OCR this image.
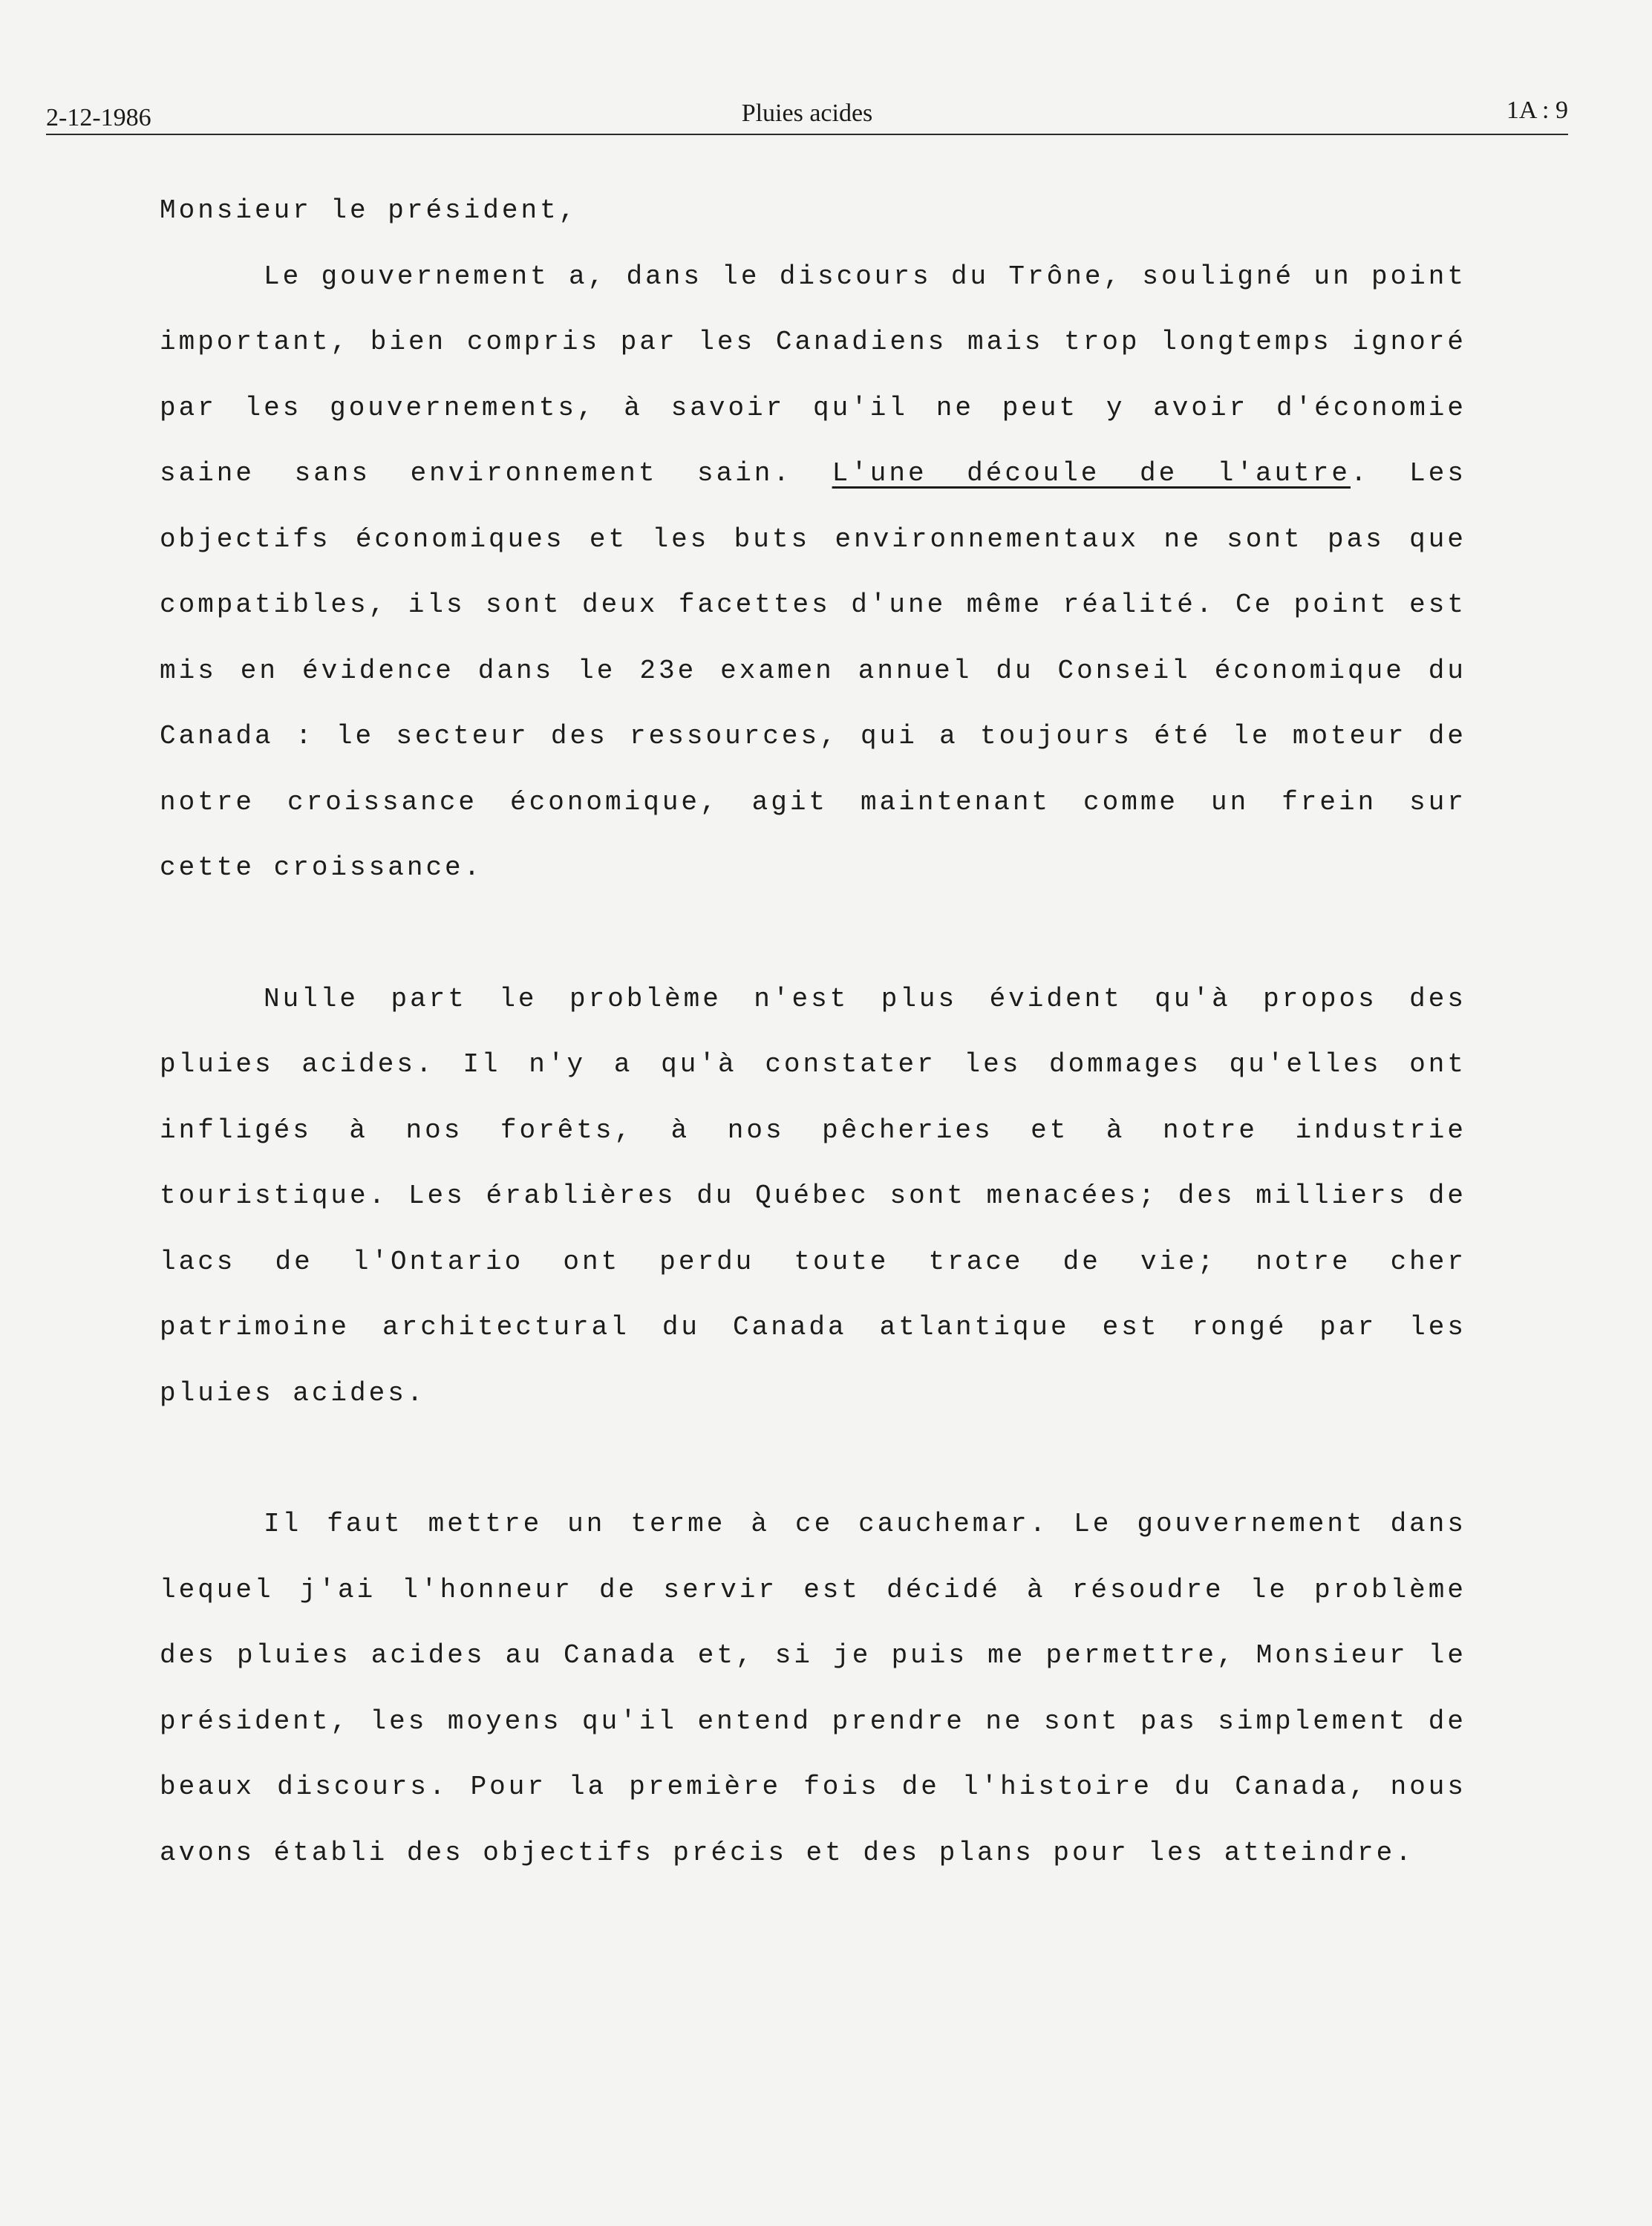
2-12-1986	Pluies acides	1A : 9

Monsieur le président,

Le gouvernement a, dans le discours du Trône, souligné un point important, bien compris par les Canadiens mais trop longtemps ignoré par les gouvernements, à savoir qu'il ne peut y avoir d'économie saine sans environnement sain. L'une découle de l'autre. Les objectifs économiques et les buts environnementaux ne sont pas que compatibles, ils sont deux facettes d'une même réalité. Ce point est mis en évidence dans le 23e examen annuel du Conseil économique du Canada : le secteur des ressources, qui a toujours été le moteur de notre croissance économique, agit maintenant comme un frein sur cette croissance.

Nulle part le problème n'est plus évident qu'à propos des pluies acides. Il n'y a qu'à constater les dommages qu'elles ont infligés à nos forêts, à nos pêcheries et à notre industrie touristique. Les érablières du Québec sont menacées; des milliers de lacs de l'Ontario ont perdu toute trace de vie; notre cher patrimoine architectural du Canada atlantique est rongé par les pluies acides.

Il faut mettre un terme à ce cauchemar. Le gouvernement dans lequel j'ai l'honneur de servir est décidé à résoudre le problème des pluies acides au Canada et, si je puis me permettre, Monsieur le président, les moyens qu'il entend prendre ne sont pas simplement de beaux discours. Pour la première fois de l'histoire du Canada, nous avons établi des objectifs précis et des plans pour les atteindre.
